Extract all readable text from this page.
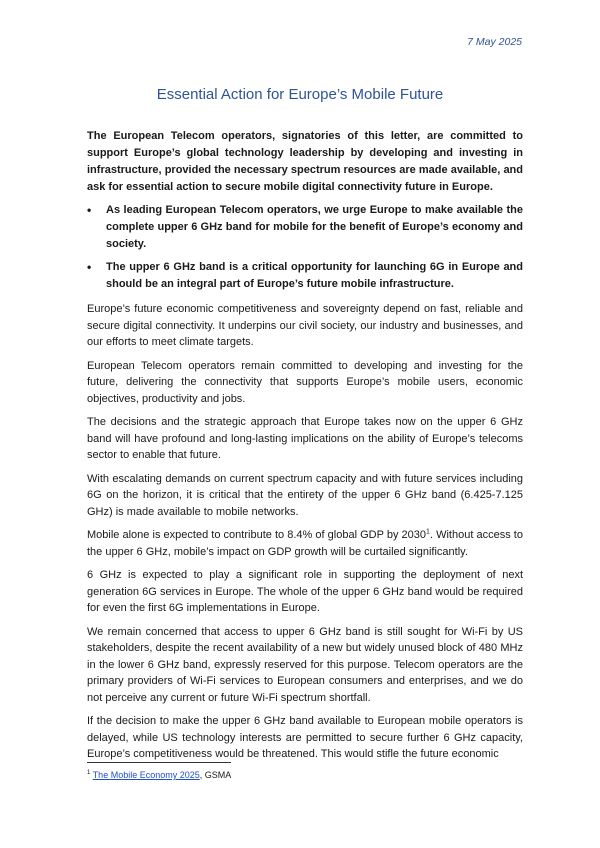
7 May 2025
Essential Action for Europe’s Mobile Future

The European Telecom operators, signatories of this letter, are committed to support Europe’s global technology leadership by developing and investing in infrastructure, provided the necessary spectrum resources are made available, and ask for essential action to secure mobile digital connectivity future in Europe.

• As leading European Telecom operators, we urge Europe to make available the complete upper 6 GHz band for mobile for the benefit of Europe’s economy and society.
• The upper 6 GHz band is a critical opportunity for launching 6G in Europe and should be an integral part of Europe’s future mobile infrastructure.

Europe’s future economic competitiveness and sovereignty depend on fast, reliable and secure digital connectivity. It underpins our civil society, our industry and businesses, and our efforts to meet climate targets.

European Telecom operators remain committed to developing and investing for the future, delivering the connectivity that supports Europe’s mobile users, economic objectives, productivity and jobs.

The decisions and the strategic approach that Europe takes now on the upper 6 GHz band will have profound and long-lasting implications on the ability of Europe’s telecoms sector to enable that future.

With escalating demands on current spectrum capacity and with future services including 6G on the horizon, it is critical that the entirety of the upper 6 GHz band (6.425-7.125 GHz) is made available to mobile networks.

Mobile alone is expected to contribute to 8.4% of global GDP by 2030$^1$. Without access to the upper 6 GHz, mobile’s impact on GDP growth will be curtailed significantly.

6 GHz is expected to play a significant role in supporting the deployment of next generation 6G services in Europe. The whole of the upper 6 GHz band would be required for even the first 6G implementations in Europe.

We remain concerned that access to upper 6 GHz band is still sought for Wi-Fi by US stakeholders, despite the recent availability of a new but widely unused block of 480 MHz in the lower 6 GHz band, expressly reserved for this purpose. Telecom operators are the primary providers of Wi-Fi services to European consumers and enterprises, and we do not perceive any current or future Wi-Fi spectrum shortfall.

If the decision to make the upper 6 GHz band available to European mobile operators is delayed, while US technology interests are permitted to secure further 6 GHz capacity, Europe’s competitiveness would be threatened. This would stifle the future economic

$^1$ The Mobile Economy 2025, GSMA
